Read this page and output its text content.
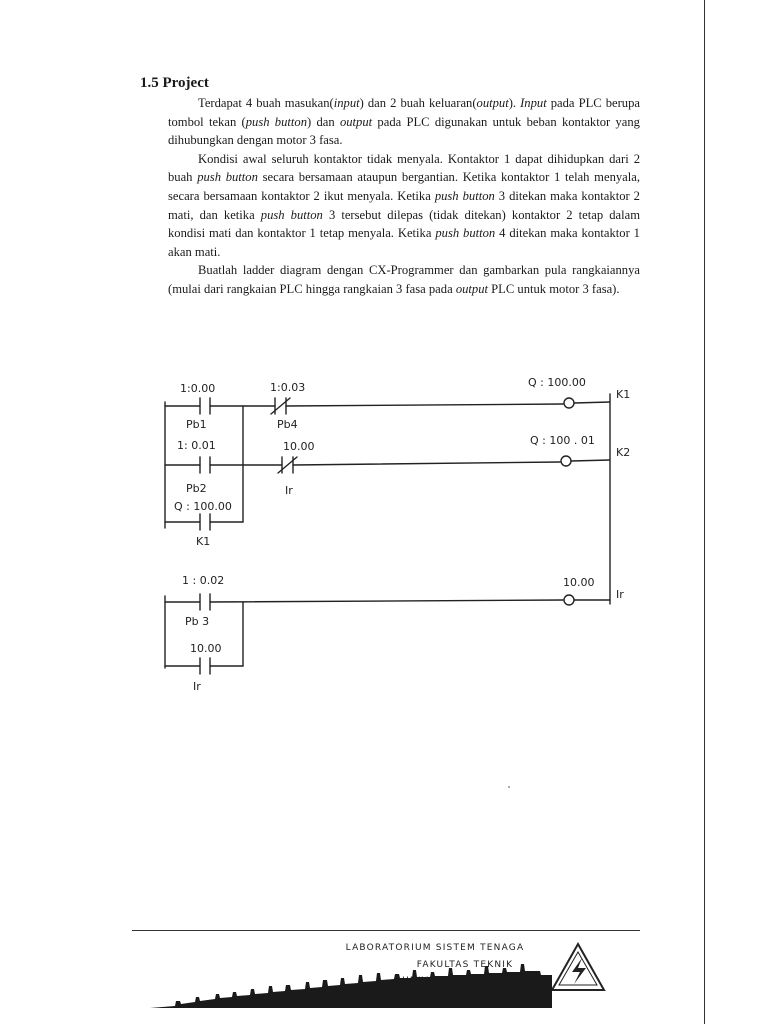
1.5 Project

Terdapat 4 buah masukan(input) dan 2 buah keluaran(output). Input pada PLC berupa tombol tekan (push button) dan output pada PLC digunakan untuk beban kontaktor yang dihubungkan dengan motor 3 fasa.

Kondisi awal seluruh kontaktor tidak menyala. Kontaktor 1 dapat dihidupkan dari 2 buah push button secara bersamaan ataupun bergantian. Ketika kontaktor 1 telah menyala, secara bersamaan kontaktor 2 ikut menyala. Ketika push button 3 ditekan maka kontaktor 2 mati, dan ketika push button 3 tersebut dilepas (tidak ditekan) kontaktor 2 tetap dalam kondisi mati dan kontaktor 1 tetap menyala. Ketika push button 4 ditekan maka kontaktor 1 akan mati.

Buatlah ladder diagram dengan CX-Programmer dan gambarkan pula rangkaiannya (mulai dari rangkaian PLC hingga rangkaian 3 fasa pada output PLC untuk motor 3 fasa).

1:0.00
Pb1
1:0.03
Pb4
Q : 100.00
K1
1: 0.01
Pb2
10.00
Ir
Q : 100 . 01
K2
Q : 100.00
K1
1 : 0.02
Pb 3
10.00
Ir
10.00
Ir
LABORATORIUM SISTEM TENAGA
FAKULTAS TEKNIK
